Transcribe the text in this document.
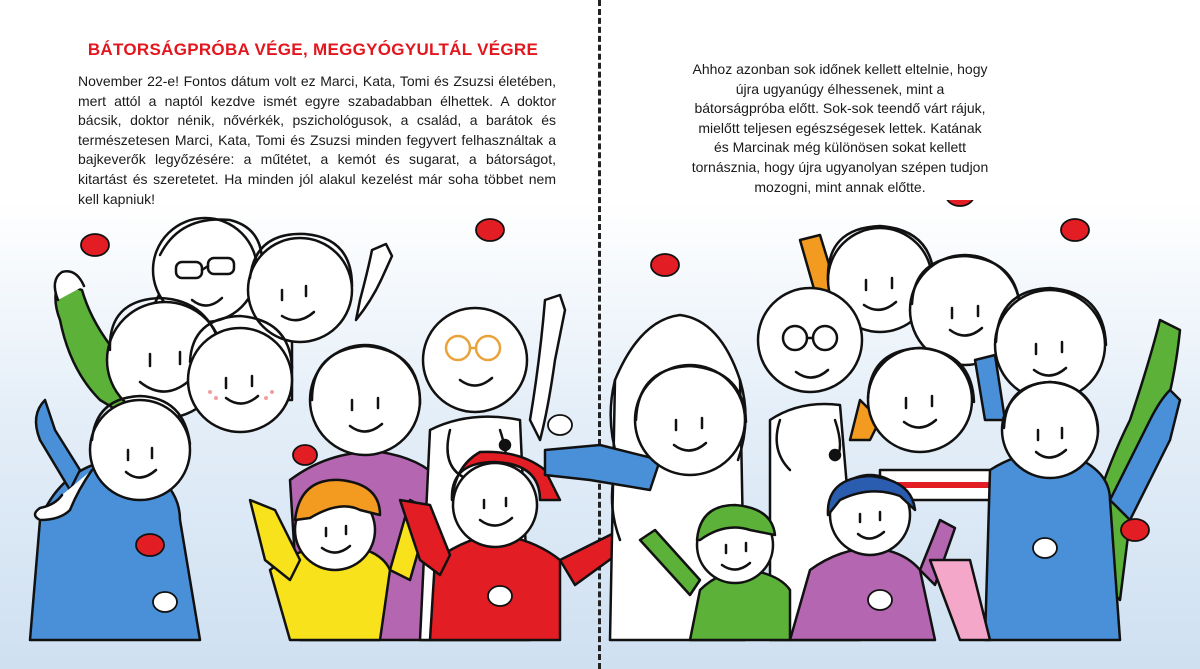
BÁTORSÁGPRÓBA VÉGE, MEGGYÓGYULTÁL VÉGRE

November 22-e! Fontos dátum volt ez Marci, Kata, Tomi és Zsuzsi életében, mert attól a naptól kezdve ismét egyre szabadabban élhettek. A doktor bácsik, doktor nénik, nővérkék, pszichológusok, a család, a barátok és természetesen Marci, Kata, Tomi és Zsuzsi minden fegyvert felhasználtak a bajkeverők legyőzésére: a műtétet, a kemót és sugarat, a bátorságot, kitartást és szeretetet. Ha minden jól alakul kezelést már soha többet nem kell kapniuk!

Ahhoz azonban sok időnek kellett eltelnie, hogy újra ugyanúgy élhessenek, mint a bátorságpróba előtt. Sok-sok teendő várt rájuk, mielőtt teljesen egészségesek lettek. Katának és Marcinak még különösen sokat kellett tornásznia, hogy újra ugyanolyan szépen tudjon mozogni, mint annak előtte.
